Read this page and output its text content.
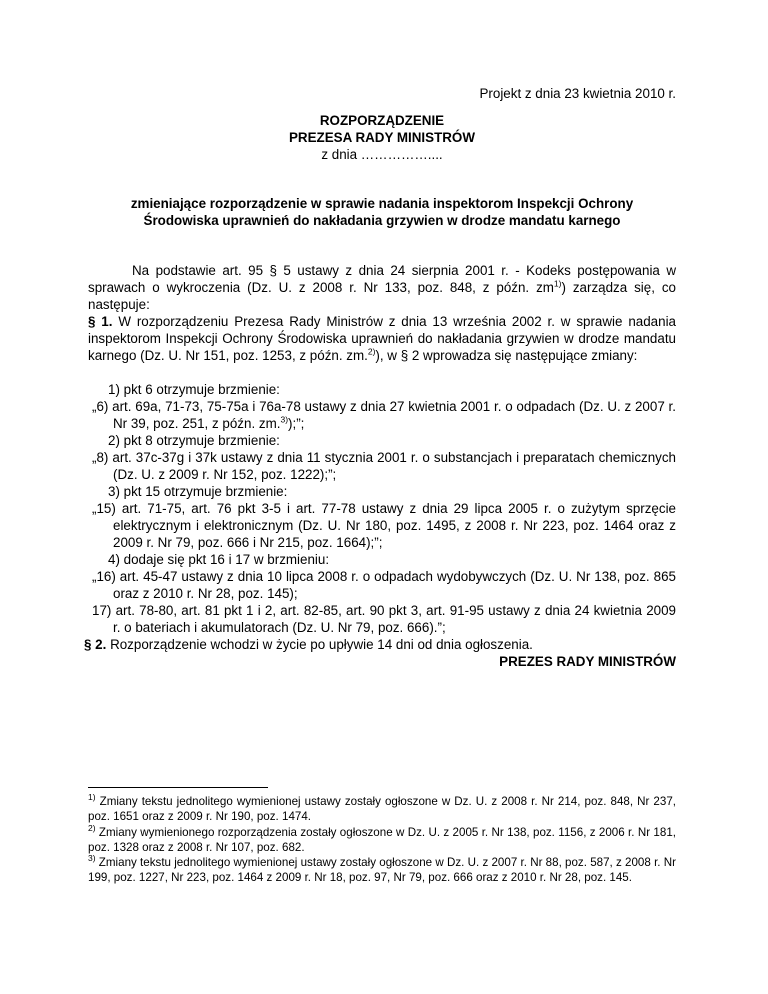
Projekt z dnia 23 kwietnia 2010 r.

ROZPORZĄDZENIE

PREZESA RADY MINISTRÓW

z dnia ……………....

zmieniające rozporządzenie w sprawie nadania inspektorom Inspekcji Ochrony

Środowiska uprawnień do nakładania grzywien w drodze mandatu karnego

Na podstawie art. 95 § 5 ustawy z dnia 24 sierpnia 2001 r. - Kodeks postępowania w sprawach o wykroczenia (Dz. U. z 2008 r. Nr 133, poz. 848, z późn. $zm^{1)}$) zarządza się, co następuje:

§ 1. W rozporządzeniu Prezesa Rady Ministrów z dnia 13 września 2002 r. w sprawie nadania inspektorom Inspekcji Ochrony Środowiska uprawnień do nakładania grzywien w drodze mandatu karnego (Dz. U. Nr 151, poz. 1253, z późn. zm.$^{2)}$), w § 2 wprowadza się następujące zmiany:

1) pkt 6 otrzymuje brzmienie:

„6) art. 69a, 71-73, 75-75a i 76a-78 ustawy z dnia 27 kwietnia 2001 r. o odpadach (Dz. U. z 2007 r. Nr 39, poz. 251, z późn. zm.$^{3)}$);”;

2) pkt 8 otrzymuje brzmienie:

„8) art. 37c-37g i 37k ustawy z dnia 11 stycznia 2001 r. o substancjach i preparatach chemicznych (Dz. U. z 2009 r. Nr 152, poz. 1222);”;

3) pkt 15 otrzymuje brzmienie:

„15) art. 71-75, art. 76 pkt 3-5 i art. 77-78 ustawy z dnia 29 lipca 2005 r. o zużytym sprzęcie elektrycznym i elektronicznym (Dz. U. Nr 180, poz. 1495, z 2008 r. Nr 223, poz. 1464 oraz z 2009 r. Nr 79, poz. 666 i Nr 215, poz. 1664);”;

4) dodaje się pkt 16 i 17 w brzmieniu:

„16) art. 45-47 ustawy z dnia 10 lipca 2008 r. o odpadach wydobywczych (Dz. U. Nr 138, poz. 865 oraz z 2010 r. Nr 28, poz. 145);

17) art. 78-80, art. 81 pkt 1 i 2, art. 82-85, art. 90 pkt 3, art. 91-95 ustawy z dnia 24 kwietnia 2009 r. o bateriach i akumulatorach (Dz. U. Nr 79, poz. 666).”;

§ 2. Rozporządzenie wchodzi w życie po upływie 14 dni od dnia ogłoszenia.

PREZES RADY MINISTRÓW

$^{1)}$ Zmiany tekstu jednolitego wymienionej ustawy zostały ogłoszone w Dz. U. z 2008 r. Nr 214, poz. 848, Nr 237, poz. 1651 oraz z 2009 r. Nr 190, poz. 1474.

$^{2)}$ Zmiany wymienionego rozporządzenia zostały ogłoszone w Dz. U. z 2005 r. Nr 138, poz. 1156, z 2006 r. Nr 181, poz. 1328 oraz z 2008 r. Nr 107, poz. 682.

$^{3)}$ Zmiany tekstu jednolitego wymienionej ustawy zostały ogłoszone w Dz. U. z 2007 r. Nr 88, poz. 587, z 2008 r. Nr 199, poz. 1227, Nr 223, poz. 1464 z 2009 r. Nr 18, poz. 97, Nr 79, poz. 666 oraz z 2010 r. Nr 28, poz. 145.
